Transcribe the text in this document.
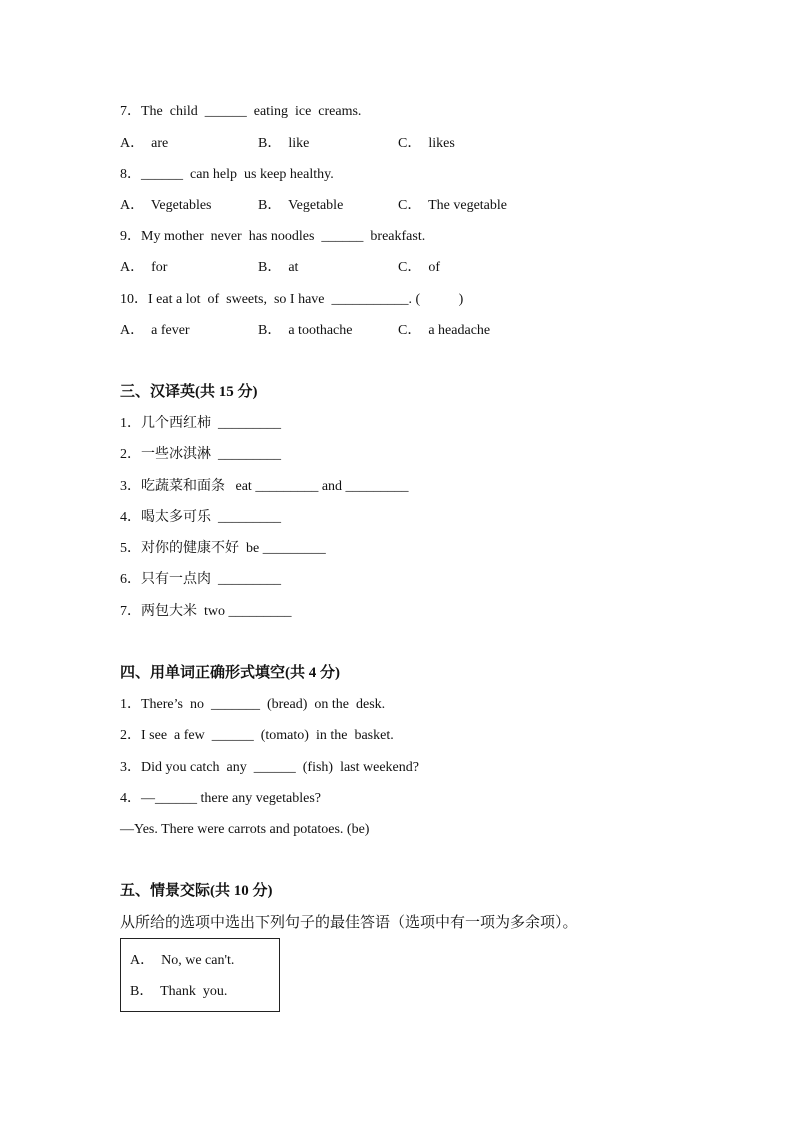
7．The  child  ______  eating  ice  creams.
A．  are	B．  like	C．  likes
8．______  can help  us keep healthy.
A．  Vegetables	B．  Vegetable	C．  The vegetable
9．My mother  never  has noodles  ______  breakfast.
A．  for	B．  at	C．  of
10．I eat a lot  of  sweets,  so I have  ___________. (           )
A．  a fever	B．  a toothache	C．  a headache
三、汉译英(共 15 分)
1．几个西红柿  _________
2．一些冰淇淋  _________
3．吃蔬菜和面条   eat _________ and _________
4．喝太多可乐  _________
5．对你的健康不好  be _________
6．只有一点肉  _________
7．两包大米  two _________
四、用单词正确形式填空(共 4 分)
1．There’s  no  _______  (bread)  on the  desk.
2．I see  a few  ______  (tomato)  in the  basket.
3．Did you catch  any  ______  (fish)  last weekend?
4．—______ there any vegetables?
—Yes. There were carrots and potatoes. (be)
五、情景交际(共 10 分)
从所给的选项中选出下列句子的最佳答语（选项中有一项为多余项）。
A．  No, we can't.
B．  Thank  you.
